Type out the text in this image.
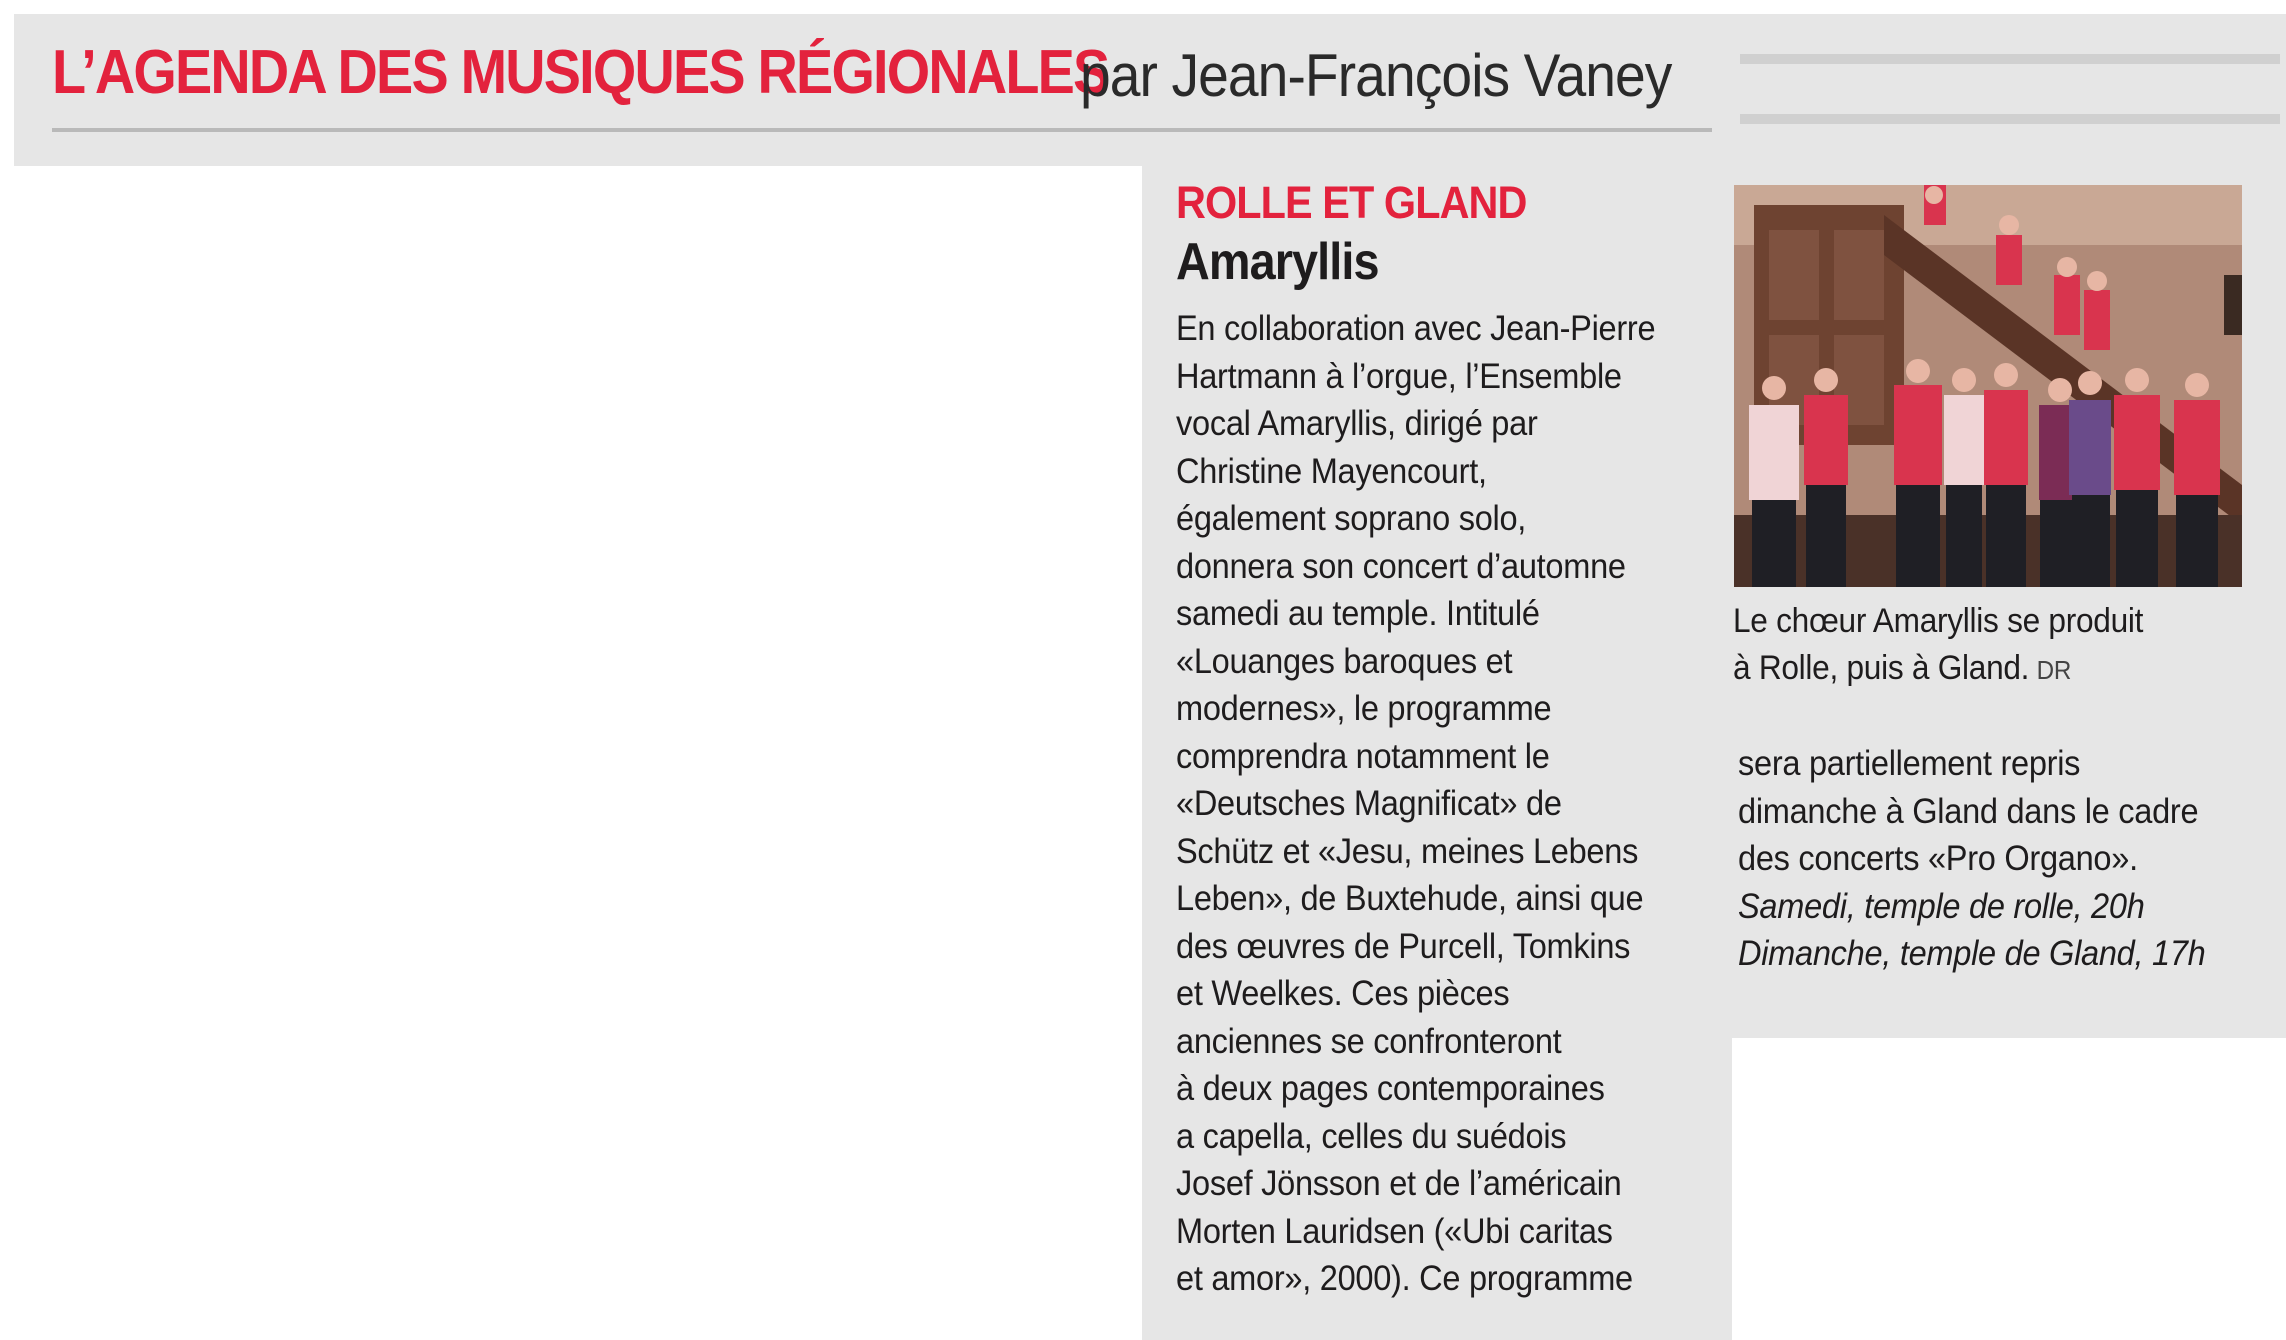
L’AGENDA DES MUSIQUES RÉGIONALES
par Jean-François Vaney
ROLLE ET GLAND
Amaryllis
En collaboration avec Jean-Pierre
Hartmann à l’orgue, l’Ensemble
vocal Amaryllis, dirigé par
Christine Mayencourt,
également soprano solo,
donnera son concert d’automne
samedi au temple. Intitulé
«Louanges baroques et
modernes», le programme
comprendra notamment le
«Deutsches Magnificat» de
Schütz et «Jesu, meines Lebens
Leben», de Buxtehude, ainsi que
des œuvres de Purcell, Tomkins
et Weelkes. Ces pièces
anciennes se confronteront
à deux pages contemporaines
a capella, celles du suédois
Josef Jönsson et de l’américain
Morten Lauridsen («Ubi caritas
et amor», 2000). Ce programme
Le chœur Amaryllis se produit
à Rolle, puis à Gland. DR
sera partiellement repris
dimanche à Gland dans le cadre
des concerts «Pro Organo».
Samedi, temple de rolle, 20h
Dimanche, temple de Gland, 17h
